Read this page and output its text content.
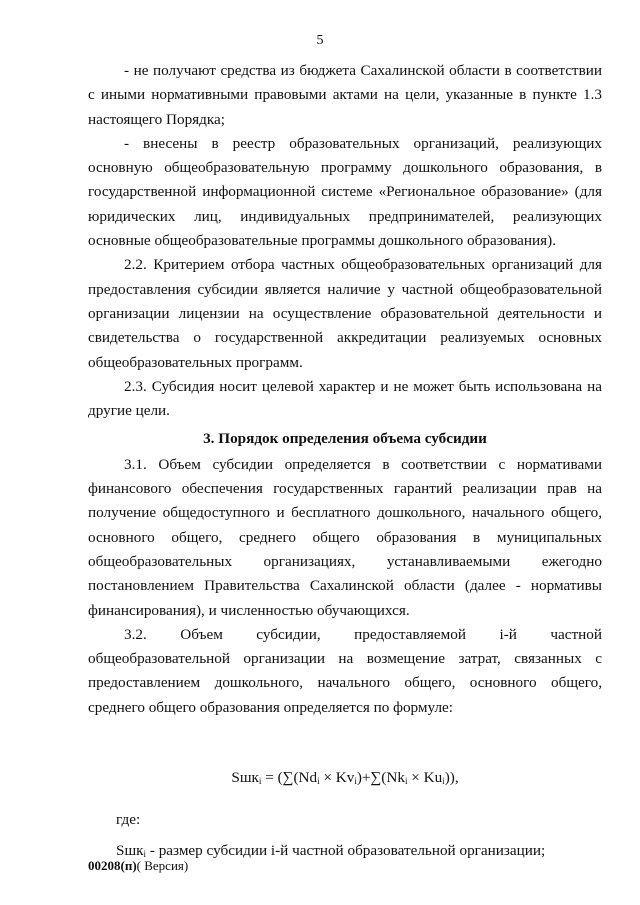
5

- не получают средства из бюджета Сахалинской области в соответствии с иными нормативными правовыми актами на цели, указанные в пункте 1.3 настоящего Порядка;

- внесены в реестр образовательных организаций, реализующих основную общеобразовательную программу дошкольного образования, в государственной информационной системе «Региональное образование» (для юридических лиц, индивидуальных предпринимателей, реализующих основные общеобразовательные программы дошкольного образования).

2.2. Критерием отбора частных общеобразовательных организаций для предоставления субсидии является наличие у частной общеобразовательной организации лицензии на осуществление образовательной деятельности и свидетельства о государственной аккредитации реализуемых основных общеобразовательных программ.

2.3. Субсидия носит целевой характер и не может быть использована на другие цели.

3. Порядок определения объема субсидии

3.1. Объем субсидии определяется в соответствии с нормативами финансового обеспечения государственных гарантий реализации прав на получение общедоступного и бесплатного дошкольного, начального общего, основного общего, среднего общего образования в муниципальных общеобразовательных организациях, устанавливаемыми ежегодно постановлением Правительства Сахалинской области (далее - нормативы финансирования), и численностью обучающихся.

3.2. Объем субсидии, предоставляемой i-й частной

общеобразовательной организации на возмещение затрат, связанных с предоставлением дошкольного, начального общего, основного общего, среднего общего образования определяется по формуле:

$Sшк_i = (\sum(Nd_i \times Kv_i)+\sum(Nk_i \times Ku_i))$,

где:

Sшк$_i$ - размер субсидии i-й частной образовательной организации;

00208(п)( Версия)
